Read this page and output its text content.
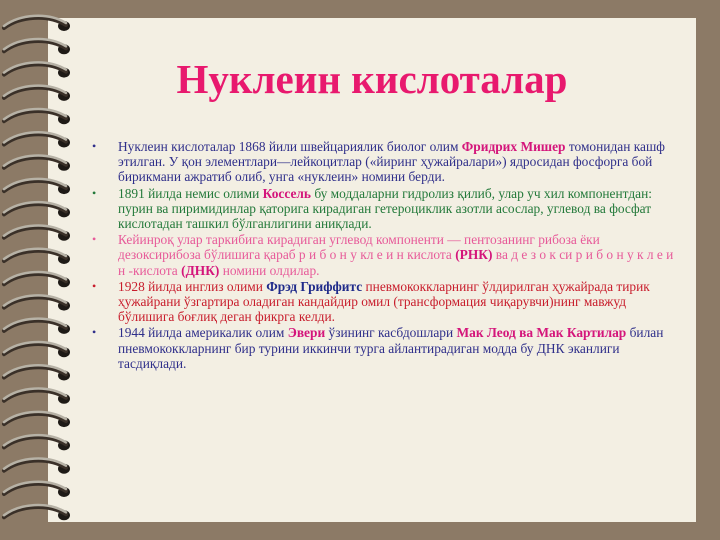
Нуклеин кислоталар
• Нуклеин кислоталар 1868 йили швейцариялик биолог олим Фридрих Мишер томонидан кашф этилган. У қон элементлари—лейкоцитлар («йиринг ҳужайралари») ядросидан фосфорга бой бирикмани ажратиб олиб, унга «нуклеин» номини берди.
• 1891 йилда немис олими Коссель бу моддаларни гидролиз қилиб, улар уч хил компонентдан: пурин ва пиримидинлар қаторига кирадиган гетероциклик азотли асослар, углевод ва фосфат кислотадан ташкил бўлганлигини аниқлади.
• Кейинроқ улар таркибига кирадиган углевод компоненти — пентозанинг рибоза ёки дезоксирибоза бўлишига қараб р и б о н у кл е и н кислота (РНК) ва д е з о к си р и б о н у к л е и н -кислота (ДНК) номини олдилар.
• 1928 йилда инглиз олими Фрэд Гриффитс пневмококкларнинг ўлдирилган ҳужайрада тирик ҳужайрани ўзгартира оладиган кандайдир омил (трансформация чиқарувчи)нинг мавжуд бўлишига боғлиқ деган фикрга келди.
• 1944 йилда америкалик олим Эвери ўзининг касбдошлари Мак Леод ва Мак Картилар билан пневмококкларнинг бир турини иккинчи турга айлантирадиган модда бу ДНК эканлиги тасдиқлади.
